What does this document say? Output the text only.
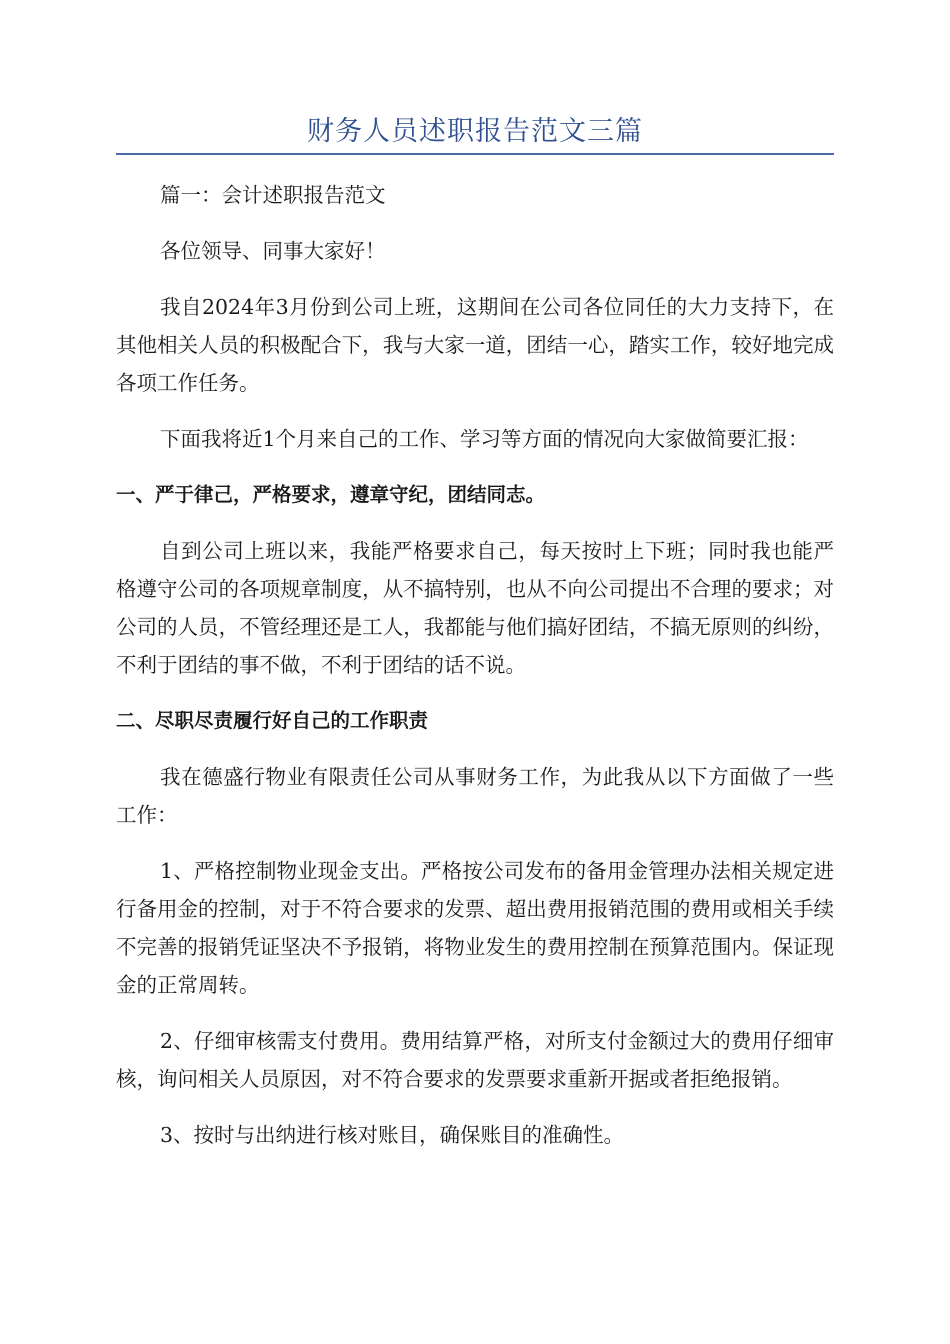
财务人员述职报告范文三篇

篇一：会计述职报告范文

各位领导、同事大家好！

我自2024年3月份到公司上班，这期间在公司各位同任的大力支持下，在其他相关人员的积极配合下，我与大家一道，团结一心，踏实工作，较好地完成各项工作任务。

下面我将近1个月来自己的工作、学习等方面的情况向大家做简要汇报：

一、严于律己，严格要求，遵章守纪，团结同志。

自到公司上班以来，我能严格要求自己，每天按时上下班；同时我也能严格遵守公司的各项规章制度，从不搞特别，也从不向公司提出不合理的要求；对公司的人员，不管经理还是工人，我都能与他们搞好团结，不搞无原则的纠纷，不利于团结的事不做，不利于团结的话不说。

二、尽职尽责履行好自己的工作职责

我在德盛行物业有限责任公司从事财务工作，为此我从以下方面做了一些工作：

1、严格控制物业现金支出。严格按公司发布的备用金管理办法相关规定进行备用金的控制，对于不符合要求的发票、超出费用报销范围的费用或相关手续不完善的报销凭证坚决不予报销，将物业发生的费用控制在预算范围内。保证现金的正常周转。

2、仔细审核需支付费用。费用结算严格，对所支付金额过大的费用仔细审核，询问相关人员原因，对不符合要求的发票要求重新开据或者拒绝报销。

3、按时与出纳进行核对账目，确保账目的准确性。
